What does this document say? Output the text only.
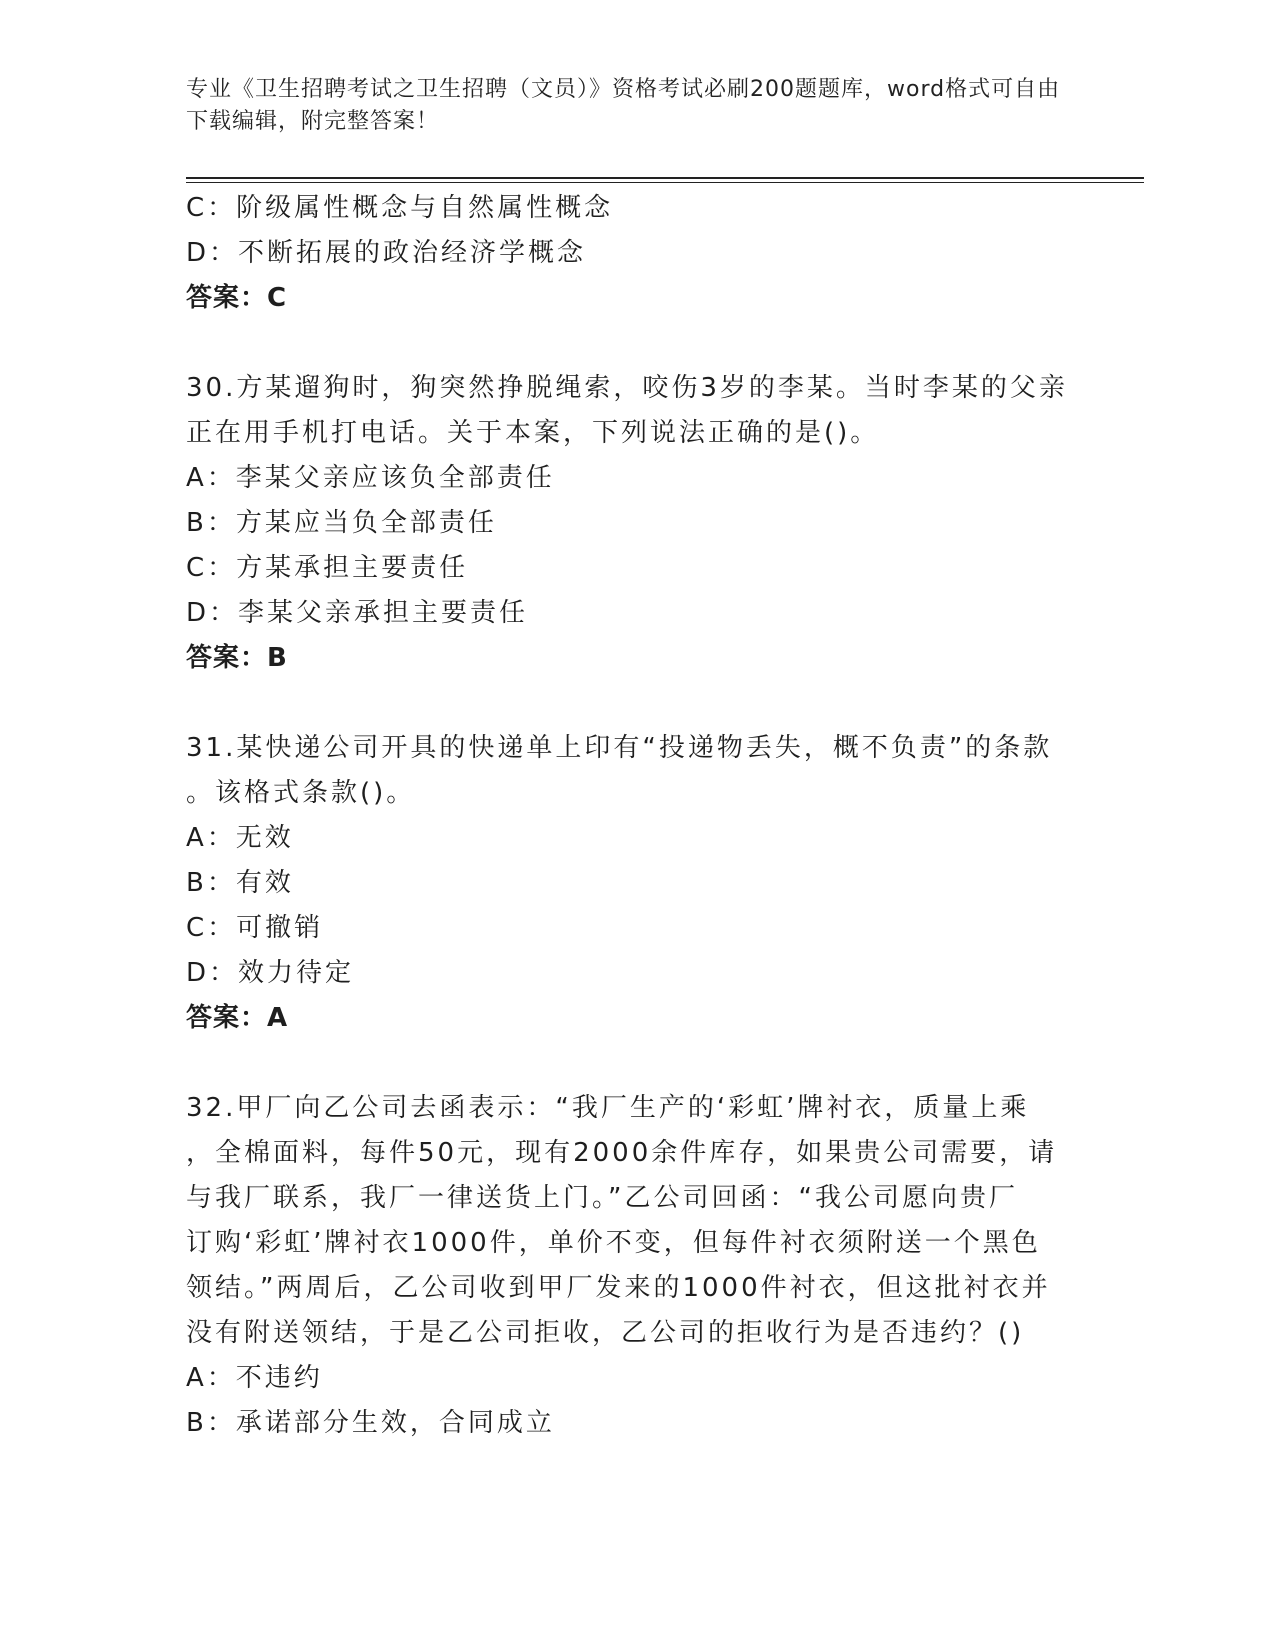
专业《卫生招聘考试之卫生招聘（文员）》资格考试必刷200题题库，word格式可自由下载编辑，附完整答案！
C：阶级属性概念与自然属性概念
D：不断拓展的政治经济学概念
答案：C
30.方某遛狗时，狗突然挣脱绳索，咬伤3岁的李某。当时李某的父亲
正在用手机打电话。关于本案，下列说法正确的是()。
A：李某父亲应该负全部责任
B：方某应当负全部责任
C：方某承担主要责任
D：李某父亲承担主要责任
答案：B
31.某快递公司开具的快递单上印有“投递物丢失，概不负责”的条款
。该格式条款()。
A：无效
B：有效
C：可撤销
D：效力待定
答案：A
32.甲厂向乙公司去函表示：“我厂生产的‘彩虹’牌衬衣，质量上乘
，全棉面料，每件50元，现有2000余件库存，如果贵公司需要，请
与我厂联系，我厂一律送货上门。”乙公司回函：“我公司愿向贵厂
订购‘彩虹’牌衬衣1000件，单价不变，但每件衬衣须附送一个黑色
领结。”两周后，乙公司收到甲厂发来的1000件衬衣，但这批衬衣并
没有附送领结，于是乙公司拒收，乙公司的拒收行为是否违约？()
A：不违约
B：承诺部分生效，合同成立
